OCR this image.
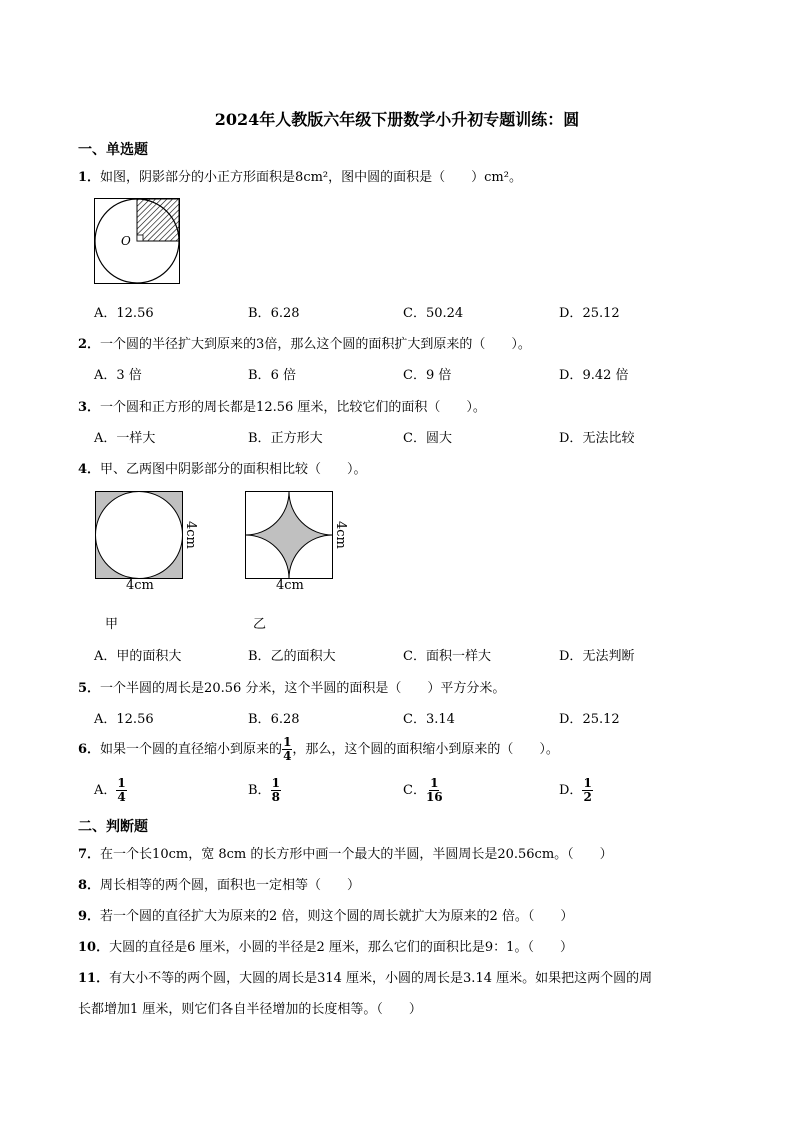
2024年人教版六年级下册数学小升初专题训练：圆
一、单选题
1．如图，阴影部分的小正方形面积是8cm²，图中圆的面积是（　　）cm²。
O
A．12.56	B．6.28	C．50.24	D．25.12
2．一个圆的半径扩大到原来的3倍，那么这个圆的面积扩大到原来的（　　）。
A．3 倍	B．6 倍	C．9 倍	D．9.42 倍
3．一个圆和正方形的周长都是12.56 厘米，比较它们的面积（　　）。
A．一样大	B．正方形大	C．圆大	D．无法比较
4．甲、乙两图中阴影部分的面积相比较（　　）。
4cm
4cm
甲
4cm
4cm
乙
A．甲的面积大	B．乙的面积大	C．面积一样大	D．无法判断
5．一个半圆的周长是20.56 分米，这个半圆的面积是（　　）平方分米。
A．12.56	B．6.28	C．3.14	D．25.12
6．如果一个圆的直径缩小到原来的 $\frac{1}{4}$ ，那么，这个圆的面积缩小到原来的（　　）。
A． $\frac{1}{4}$	B． $\frac{1}{8}$	C． $\frac{1}{16}$	D． $\frac{1}{2}$
二、判断题
7．在一个长10cm，宽 8cm 的长方形中画一个最大的半圆，半圆周长是20.56cm。（　　）
8．周长相等的两个圆，面积也一定相等（　　）
9．若一个圆的直径扩大为原来的2 倍，则这个圆的周长就扩大为原来的2 倍。（　　）
10．大圆的直径是6 厘米，小圆的半径是2 厘米，那么它们的面积比是9：1。（　　）
11．有大小不等的两个圆，大圆的周长是314 厘米，小圆的周长是3.14 厘米。如果把这两个圆的周
长都增加1 厘米，则它们各自半径增加的长度相等。（　　）
